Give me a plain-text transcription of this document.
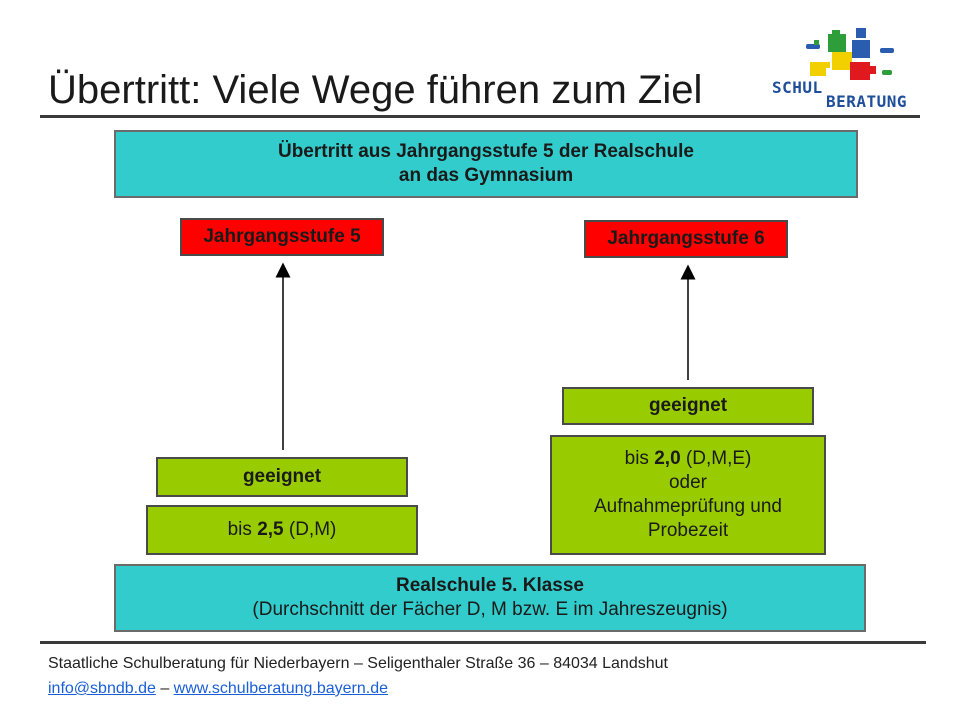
Übertritt: Viele Wege führen zum Ziel	SCHUL
BERATUNG
Übertritt aus Jahrgangsstufe 5 der Realschule
an das Gymnasium
Jahrgangsstufe 5	Jahrgangsstufe 6
geeignet
bis 2,5 (D,M)
geeignet
bis 2,0 (D,M,E)
oder
Aufnahmeprüfung und
Probezeit
Realschule 5. Klasse
(Durchschnitt der Fächer D, M bzw. E im Jahreszeugnis)
Staatliche Schulberatung für Niederbayern – Seligenthaler Straße 36 – 84034 Landshut
info@sbndb.de – www.schulberatung.bayern.de
